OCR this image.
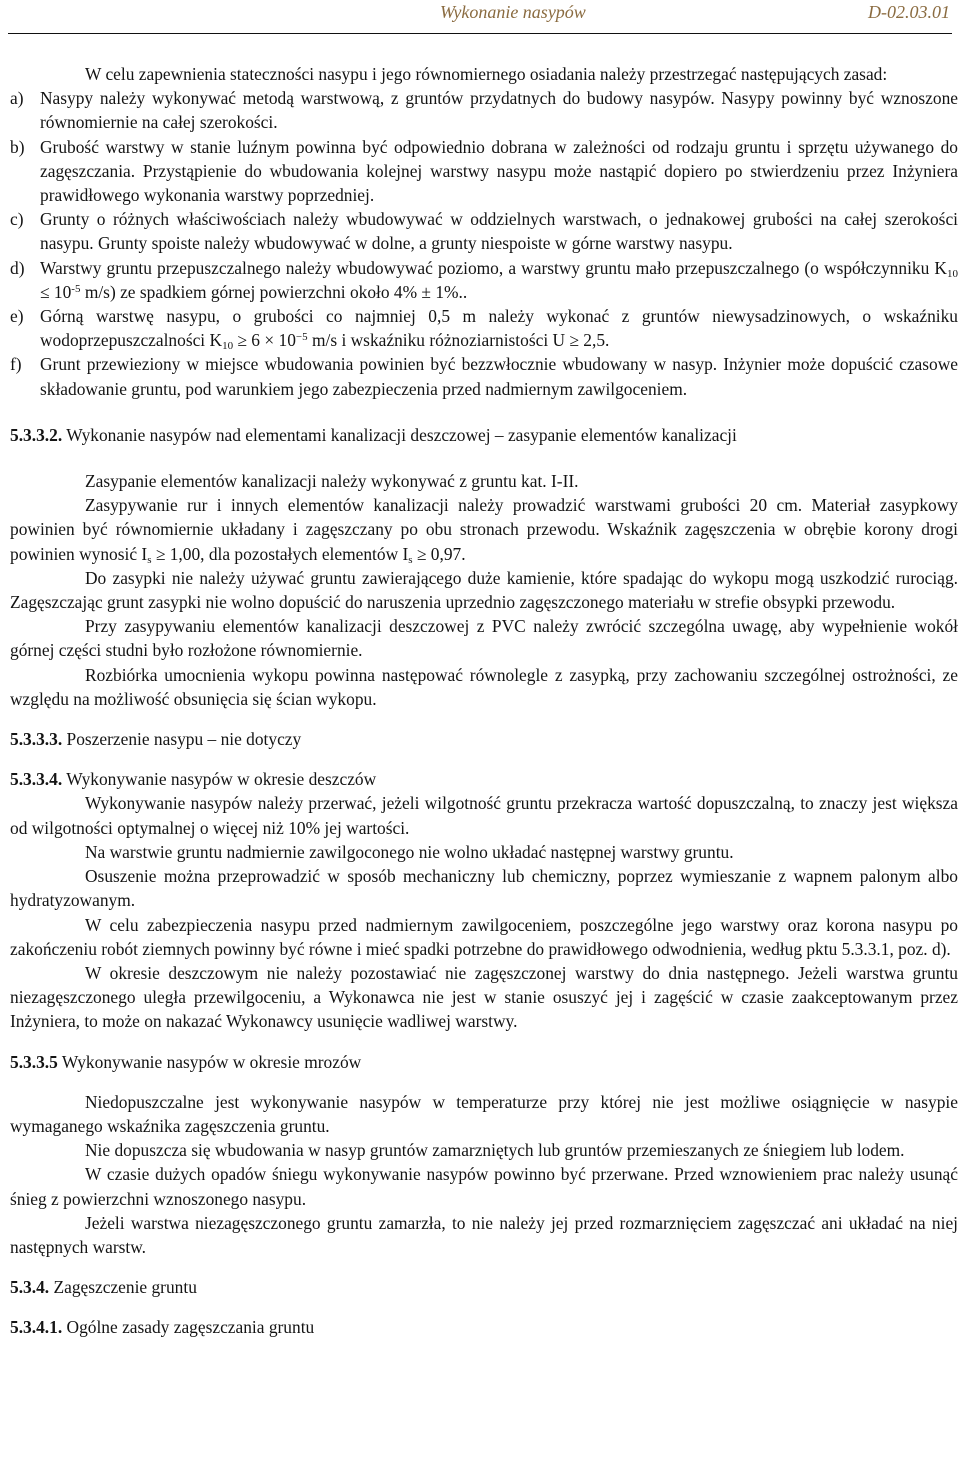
Wykonanie nasypów	D-02.03.01

W celu zapewnienia stateczności nasypu i jego równomiernego osiadania należy przestrzegać następujących zasad:

a) Nasypy należy wykonywać metodą warstwową, z gruntów przydatnych do budowy nasypów. Nasypy powinny być wznoszone równomiernie na całej szerokości.
b) Grubość warstwy w stanie luźnym powinna być odpowiednio dobrana w zależności od rodzaju gruntu i sprzętu używanego do zagęszczania. Przystąpienie do wbudowania kolejnej warstwy nasypu może nastąpić dopiero po stwierdzeniu przez Inżyniera prawidłowego wykonania warstwy poprzedniej.
c) Grunty o różnych właściwościach należy wbudowywać w oddzielnych warstwach, o jednakowej grubości na całej szerokości nasypu. Grunty spoiste należy wbudowywać w dolne, a grunty niespoiste w górne warstwy nasypu.
d) Warstwy gruntu przepuszczalnego należy wbudowywać poziomo, a warstwy gruntu mało przepuszczalnego (o współczynniku $K_{10} \le 10^{-5}$ m/s) ze spadkiem górnej powierzchni około 4% ± 1%..
e) Górną warstwę nasypu, o grubości co najmniej 0,5 m należy wykonać z gruntów niewysadzinowych, o wskaźniku wodoprzepuszczalności $K_{10} \ge 6 \times 10^{-5}$ m/s i wskaźniku różnoziarnistości U ≥ 2,5.
f)	Grunt przewieziony w miejsce wbudowania powinien być bezzwłocznie wbudowany w nasyp. Inżynier może dopuścić czasowe składowanie gruntu, pod warunkiem jego zabezpieczenia przed nadmiernym zawilgoceniem.

5.3.3.2. Wykonanie nasypów nad elementami kanalizacji deszczowej – zasypanie elementów kanalizacji

Zasypanie elementów kanalizacji należy wykonywać z gruntu kat. I-II.

Zasypywanie rur i innych elementów kanalizacji należy prowadzić warstwami grubości 20 cm. Materiał zasypkowy powinien być równomiernie układany i zagęszczany po obu stronach przewodu. Wskaźnik zagęszczenia w obrębie korony drogi powinien wynosić $I_s \ge 1,00$, dla pozostałych elementów $I_s \ge 0,97$.

Do zasypki nie należy używać gruntu zawierającego duże kamienie, które spadając do wykopu mogą uszkodzić rurociąg. Zagęszczając grunt zasypki nie wolno dopuścić do naruszenia uprzednio zagęszczonego materiału w strefie obsypki przewodu.

Przy zasypywaniu elementów kanalizacji deszczowej z PVC należy zwrócić szczególna uwagę, aby wypełnienie wokół górnej części studni było rozłożone równomiernie.

Rozbiórka umocnienia wykopu powinna następować równolegle z zasypką, przy zachowaniu szczególnej ostrożności, ze względu na możliwość obsunięcia się ścian wykopu.

5.3.3.3. Poszerzenie nasypu – nie dotyczy

5.3.3.4. Wykonywanie nasypów w okresie deszczów

Wykonywanie nasypów należy przerwać, jeżeli wilgotność gruntu przekracza wartość dopuszczalną, to znaczy jest większa od wilgotności optymalnej o więcej niż 10% jej wartości.

Na warstwie gruntu nadmiernie zawilgoconego nie wolno układać następnej warstwy gruntu.

Osuszenie można przeprowadzić w sposób mechaniczny lub chemiczny, poprzez wymieszanie z wapnem palonym albo hydratyzowanym.

W celu zabezpieczenia nasypu przed nadmiernym zawilgoceniem, poszczególne jego warstwy oraz korona nasypu po zakończeniu robót ziemnych powinny być równe i mieć spadki potrzebne do prawidłowego odwodnienia, według pktu 5.3.3.1, poz. d).

W okresie deszczowym nie należy pozostawiać nie zagęszczonej warstwy do dnia następnego. Jeżeli warstwa gruntu niezagęszczonego uległa przewilgoceniu, a Wykonawca nie jest w stanie osuszyć jej i zagęścić w czasie zaakceptowanym przez Inżyniera, to może on nakazać Wykonawcy usunięcie wadliwej warstwy.

5.3.3.5 Wykonywanie nasypów w okresie mrozów

Niedopuszczalne jest wykonywanie nasypów w temperaturze przy której nie jest możliwe osiągnięcie w nasypie wymaganego wskaźnika zagęszczenia gruntu.

Nie dopuszcza się wbudowania w nasyp gruntów zamarzniętych lub gruntów przemieszanych ze śniegiem lub lodem.

W czasie dużych opadów śniegu wykonywanie nasypów powinno być przerwane. Przed wznowieniem prac należy usunąć śnieg z powierzchni wznoszonego nasypu.

Jeżeli warstwa niezagęszczonego gruntu zamarzła, to nie należy jej przed rozmarznięciem zagęszczać ani układać na niej następnych warstw.

5.3.4. Zagęszczenie gruntu

5.3.4.1. Ogólne zasady zagęszczania gruntu
